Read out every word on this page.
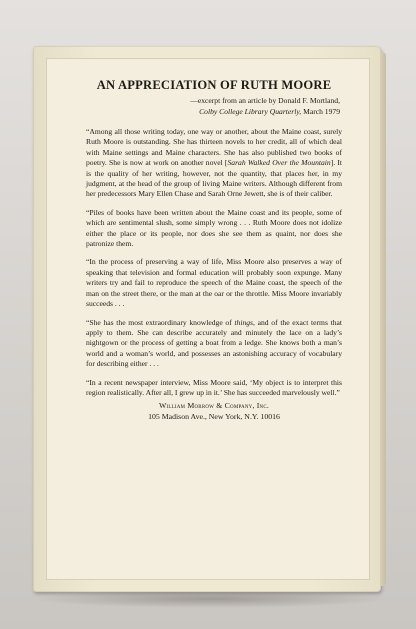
AN APPRECIATION OF RUTH MOORE
—excerpt from an article by Donald F. Mortland,
Colby College Library Quarterly, March 1979

“Among all those writing today, one way or another, about the Maine coast, surely Ruth Moore is outstanding. She has thirteen novels to her credit, all of which deal with Maine settings and Maine characters. She has also published two books of poetry. She is now at work on another novel [Sarah Walked Over the Mountain]. It is the quality of her writing, however, not the quantity, that places her, in my judgment, at the head of the group of living Maine writers. Although different from her predecessors Mary Ellen Chase and Sarah Orne Jewett, she is of their caliber.

“Piles of books have been written about the Maine coast and its people, some of which are sentimental slush, some simply wrong . . . Ruth Moore does not idolize either the place or its people, nor does she see them as quaint, nor does she patronize them.

“In the process of preserving a way of life, Miss Moore also preserves a way of speaking that television and formal education will probably soon expunge. Many writers try and fail to reproduce the speech of the Maine coast, the speech of the man on the street there, or the man at the oar or the throttle. Miss Moore invariably succeeds . . .

“She has the most extraordinary knowledge of things, and of the exact terms that apply to them. She can describe accurately and minutely the lace on a lady’s nightgown or the process of getting a boat from a ledge. She knows both a man’s world and a woman’s world, and possesses an astonishing accuracy of vocabulary for describing either . . .

“In a recent newspaper interview, Miss Moore said, ‘My object is to interpret this region realistically. After all, I grew up in it.’ She has succeeded marvelously well.”

William Morrow & Company, Inc.
105 Madison Ave., New York, N.Y. 10016
